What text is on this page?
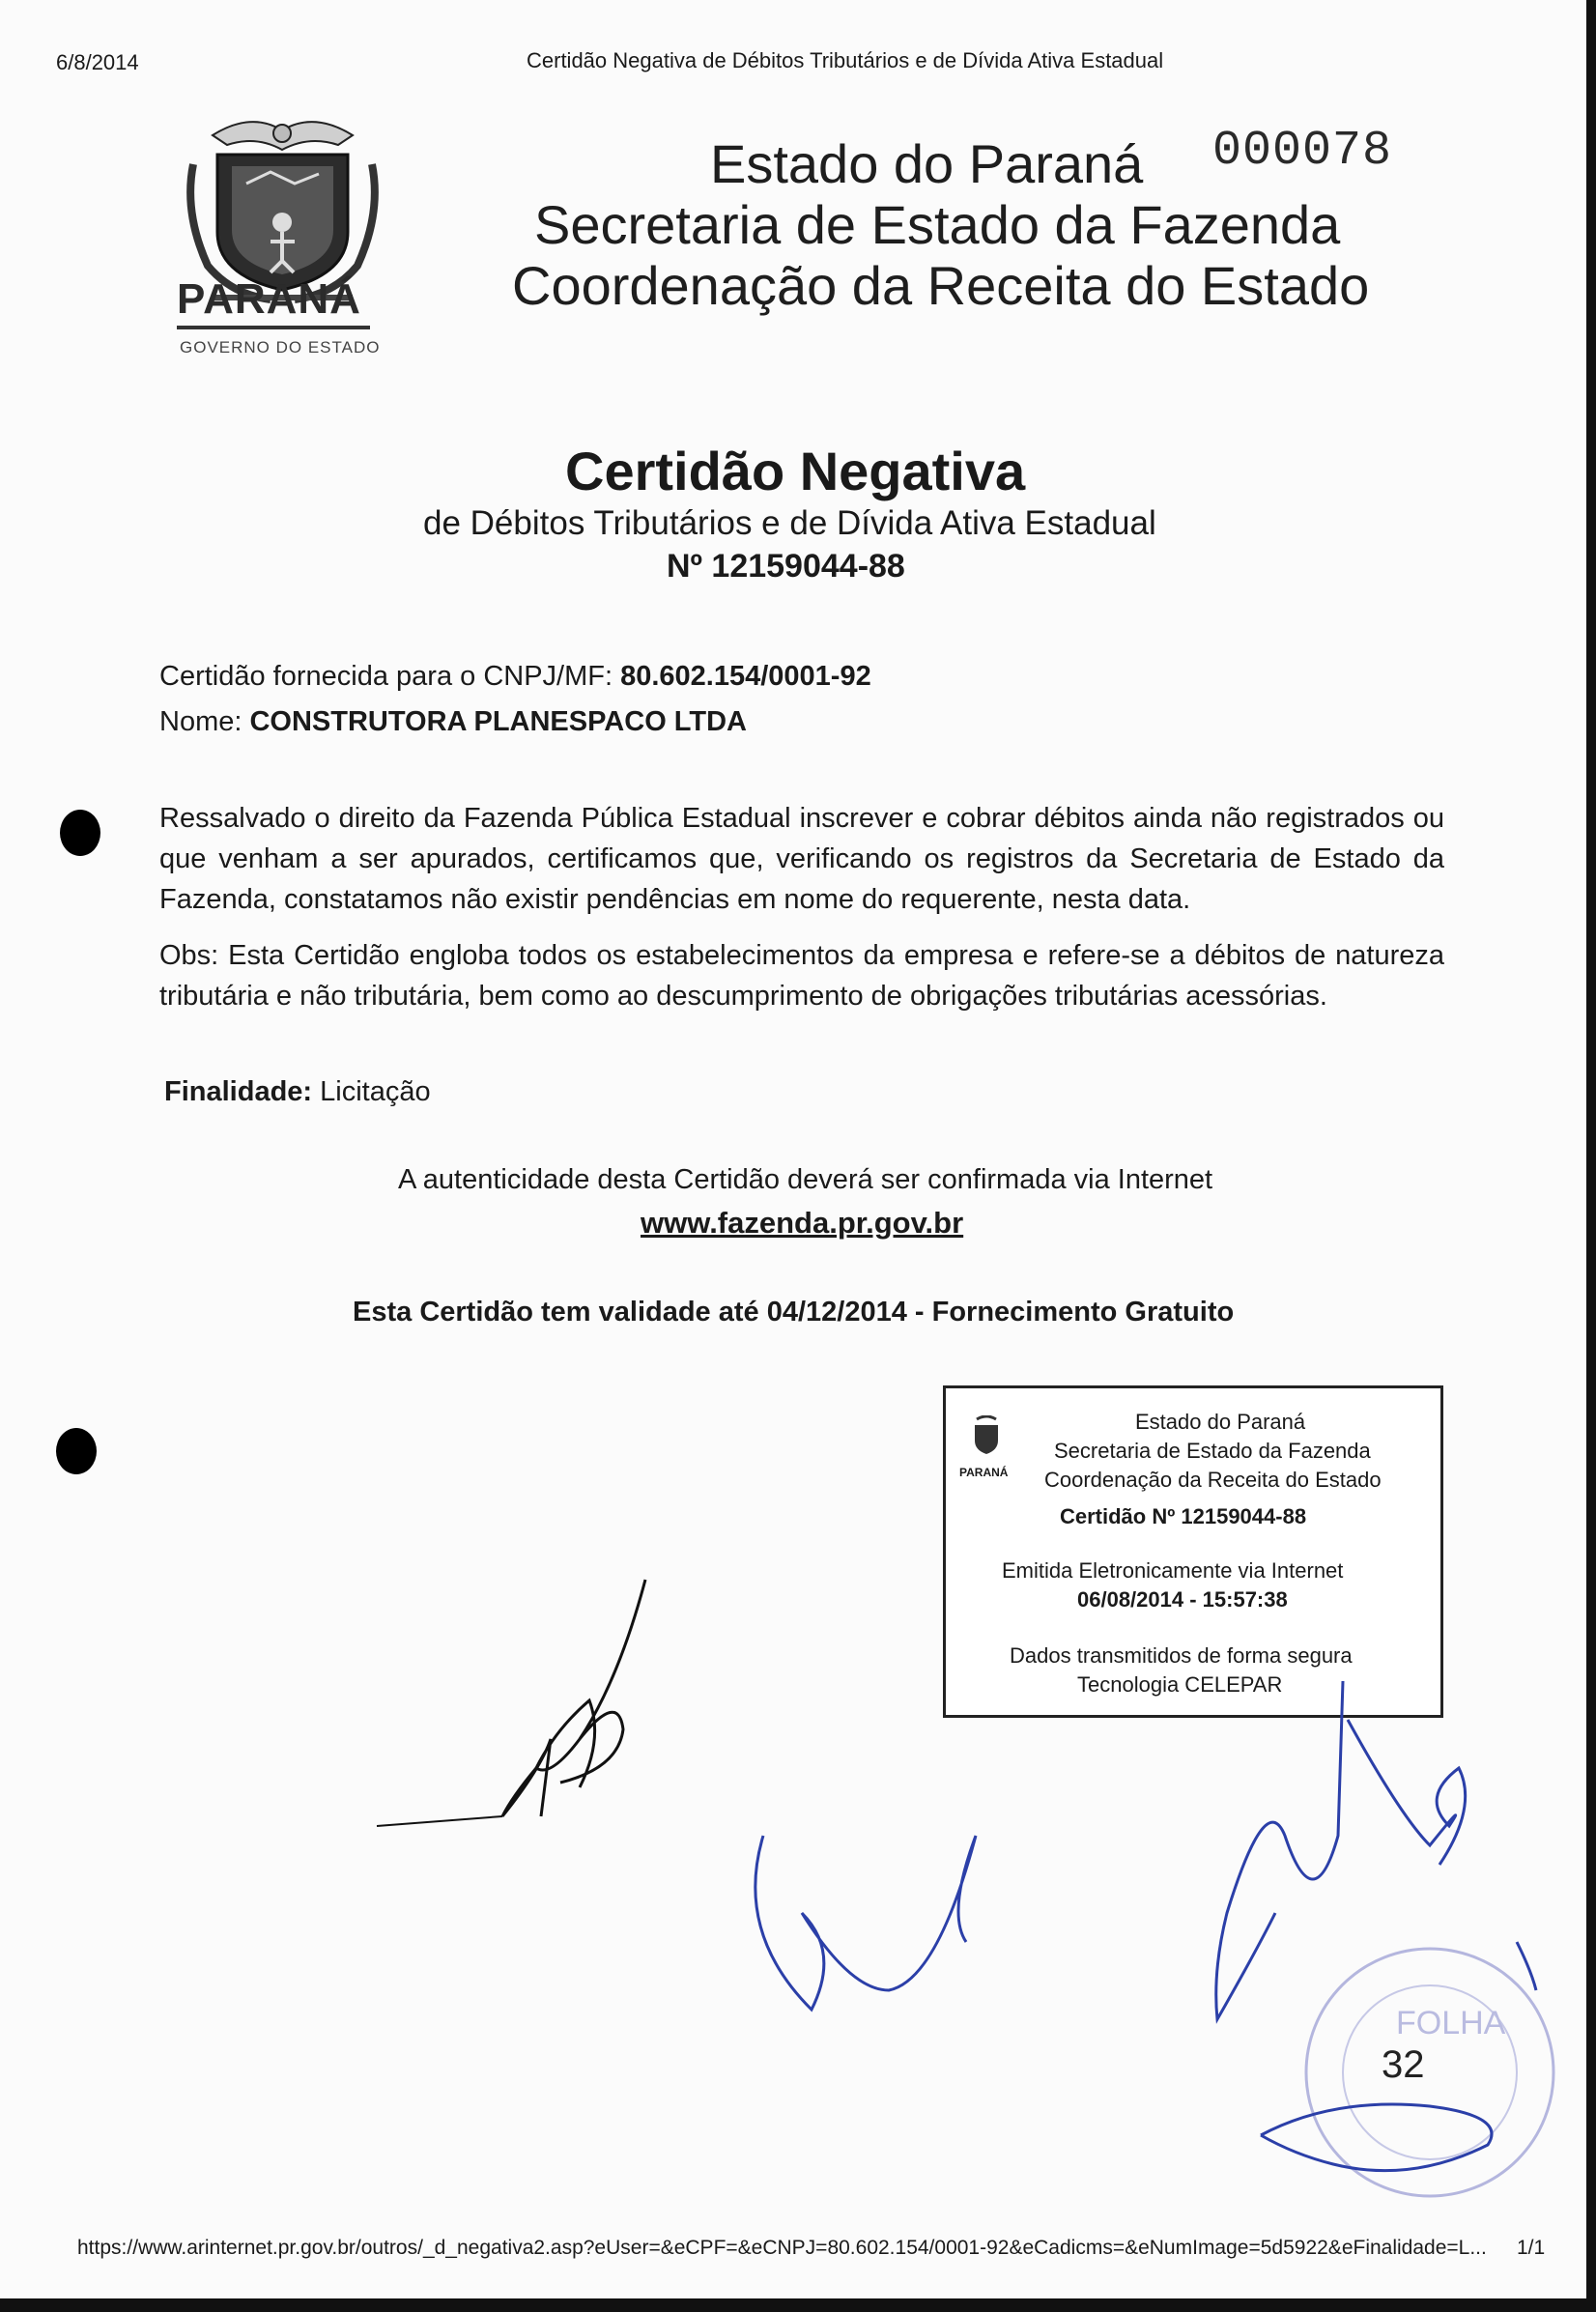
6/8/2014	Certidão Negativa de Débitos Tributários e de Dívida Ativa Estadual
PARANÁ
GOVERNO DO ESTADO
Estado do Paraná
Secretaria de Estado da Fazenda
Coordenação da Receita do Estado
000078
Certidão Negativa
de Débitos Tributários e de Dívida Ativa Estadual
Nº 12159044-88
Certidão fornecida para o CNPJ/MF: 80.602.154/0001-92
Nome: CONSTRUTORA PLANESPACO LTDA
Ressalvado o direito da Fazenda Pública Estadual inscrever e cobrar débitos ainda não registrados ou que venham a ser apurados, certificamos que, verificando os registros da Secretaria de Estado da Fazenda, constatamos não existir pendências em nome do requerente, nesta data.
Obs: Esta Certidão engloba todos os estabelecimentos da empresa e refere-se a débitos de natureza tributária e não tributária, bem como ao descumprimento de obrigações tributárias acessórias.
Finalidade: Licitação
A autenticidade desta Certidão deverá ser confirmada via Internet
www.fazenda.pr.gov.br
Esta Certidão tem validade até 04/12/2014 - Fornecimento Gratuito
PARANÁ
Estado do Paraná
Secretaria de Estado da Fazenda
Coordenação da Receita do Estado
Certidão Nº 12159044-88
Emitida Eletronicamente via Internet
06/08/2014 - 15:57:38
Dados transmitidos de forma segura
Tecnologia CELEPAR
FOLHA
32
https://www.arinternet.pr.gov.br/outros/_d_negativa2.asp?eUser=&eCPF=&eCNPJ=80.602.154/0001-92&eCadicms=&eNumImage=5d5922&eFinalidade=L... 1/1
